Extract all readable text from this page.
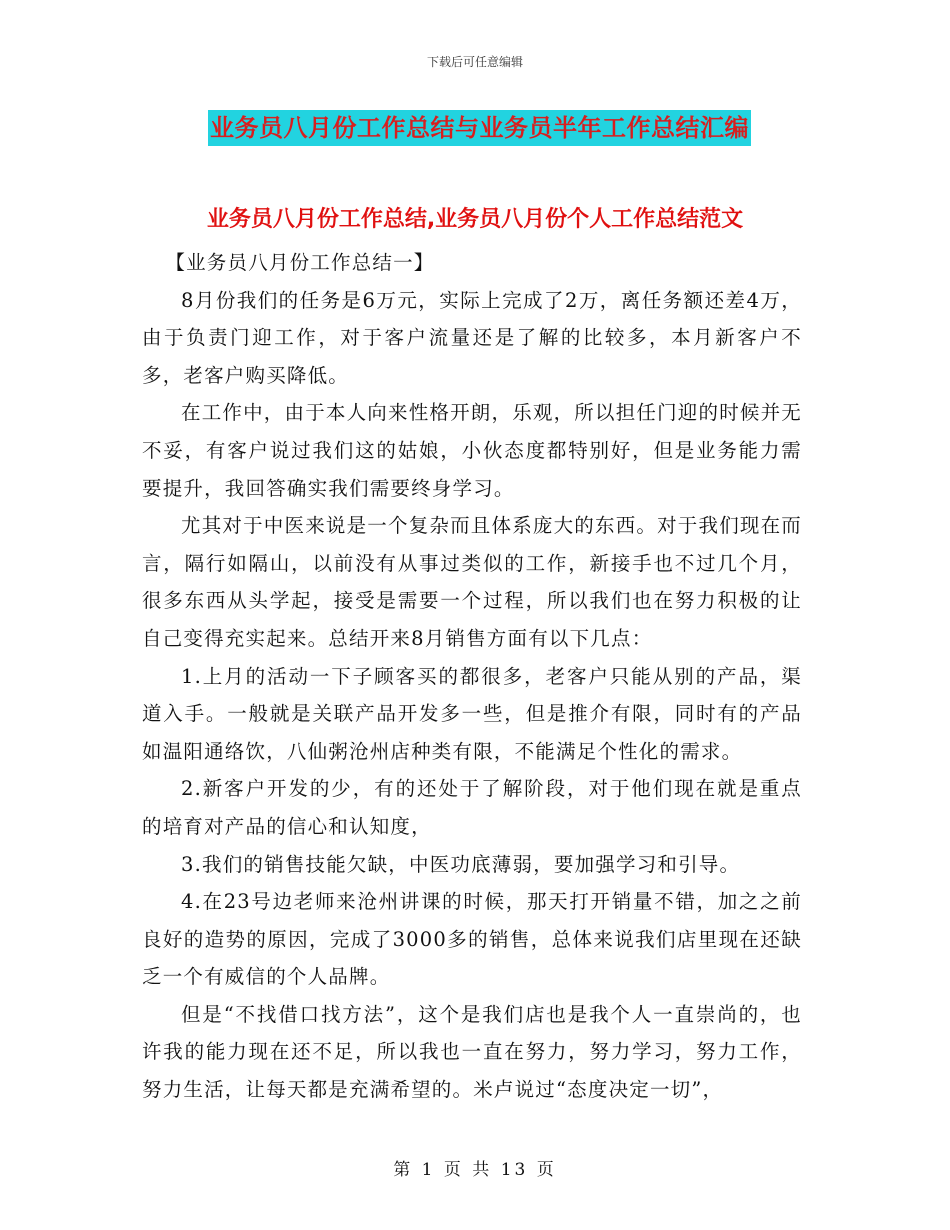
下载后可任意编辑
业务员八月份工作总结与业务员半年工作总结汇编
业务员八月份工作总结,业务员八月份个人工作总结范文

【业务员八月份工作总结一】

8月份我们的任务是6万元，实际上完成了2万，离任务额还差4万，由于负责门迎工作，对于客户流量还是了解的比较多，本月新客户不多，老客户购买降低。

在工作中，由于本人向来性格开朗，乐观，所以担任门迎的时候并无不妥，有客户说过我们这的姑娘，小伙态度都特别好，但是业务能力需要提升，我回答确实我们需要终身学习。

尤其对于中医来说是一个复杂而且体系庞大的东西。对于我们现在而言，隔行如隔山，以前没有从事过类似的工作，新接手也不过几个月，很多东西从头学起，接受是需要一个过程，所以我们也在努力积极的让自己变得充实起来。总结开来8月销售方面有以下几点：

1.上月的活动一下子顾客买的都很多，老客户只能从别的产品，渠道入手。一般就是关联产品开发多一些，但是推介有限，同时有的产品如温阳通络饮，八仙粥沧州店种类有限，不能满足个性化的需求。

2.新客户开发的少，有的还处于了解阶段，对于他们现在就是重点的培育对产品的信心和认知度，

3.我们的销售技能欠缺，中医功底薄弱，要加强学习和引导。

4.在23号边老师来沧州讲课的时候，那天打开销量不错，加之之前良好的造势的原因，完成了3000多的销售，总体来说我们店里现在还缺乏一个有威信的个人品牌。

但是“不找借口找方法”，这个是我们店也是我个人一直崇尚的，也许我的能力现在还不足，所以我也一直在努力，努力学习，努力工作，努力生活，让每天都是充满希望的。米卢说过“态度决定一切”，

第 1 页 共 13 页
